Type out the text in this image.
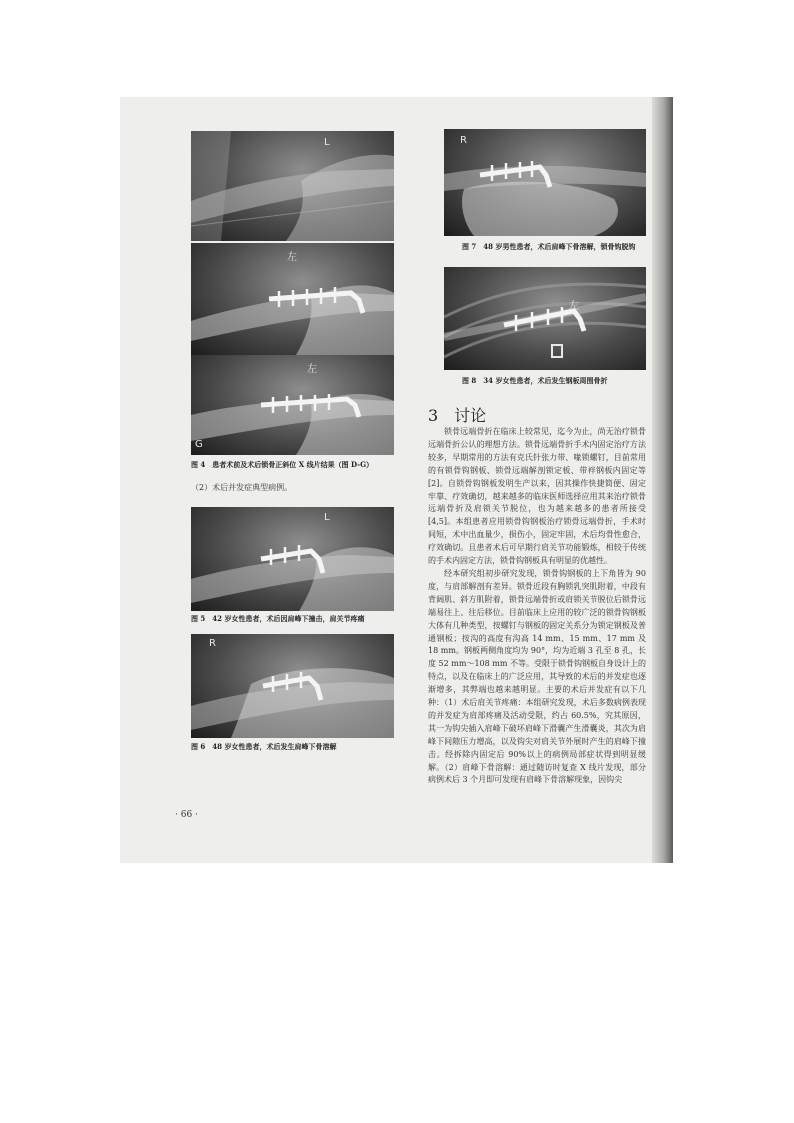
L
左
左
G
图 4　患者术前及术后锁骨正斜位 X 线片结果（图 D-G）
（2）术后并发症典型病例。
L
图 5　42 岁女性患者，术后因肩峰下撞击，肩关节疼痛
R
图 6　48 岁女性患者，术后发生肩峰下骨溶解
· 66 ·
R
图 7　48 岁男性患者，术后肩峰下骨溶解，锁骨钩脱钩
左
图 8　34 岁女性患者，术后发生钢板周围骨折
3　讨论

锁骨远端骨折在临床上较常见，迄今为止，尚无治疗锁骨远端骨折公认的理想方法。锁骨远端骨折手术内固定治疗方法较多，早期常用的方法有克氏针张力带、喙锁螺钉，目前常用的有锁骨钩钢板、锁骨远端解剖锁定板、带袢钢板内固定等[2]。自锁骨钩钢板发明生产以来，因其操作快捷简便、固定牢靠、疗效确切，越来越多的临床医师选择应用其来治疗锁骨远端骨折及肩锁关节脱位，也为越来越多的患者所接受[4,5]。本组患者应用锁骨钩钢板治疗锁骨远端骨折，手术时间短，术中出血量少，损伤小，固定牢固，术后均骨性愈合，疗效确切。且患者术后可早期行肩关节功能锻炼，相较于传统的手术内固定方法，锁骨钩钢板具有明显的优越性。

经本研究组初步研究发现，锁骨钩钢板的上下角皆为 90 度，与肩部解剖有差异。锁骨近段有胸锁乳突肌附着，中段有背阔肌、斜方肌附着，锁骨远端骨折或肩锁关节脱位后锁骨远端易往上、往后移位。目前临床上应用的较广泛的锁骨钩钢板大体有几种类型，按螺钉与钢板的固定关系分为锁定钢板及普通钢板；按沟的高度有沟高 14 mm、15 mm、17 mm 及 18 mm。钢板两侧角度均为 90°，均为近端 3 孔至 8 孔，长度 52 mm～108 mm 不等。受限于锁骨钩钢板自身设计上的特点，以及在临床上的广泛应用，其导致的术后的并发症也逐渐增多，其弊端也越来越明显。主要的术后并发症有以下几种：（1）术后肩关节疼痛：本组研究发现，术后多数病例表现的并发症为肩部疼痛及活动受限，约占 60.5%，究其原因，其一为钩尖插入肩峰下破坏肩峰下滑囊产生滑囊炎，其次为肩峰下间隙压力增高，以及钩尖对肩关节外展时产生的肩峰下撞击。经拆除内固定后 90%以上的病例局部症状得到明显缓解。（2）肩峰下骨溶解：通过随访时复查 X 线片发现，部分病例术后 3 个月即可发现有肩峰下骨溶解现象，因钩尖
